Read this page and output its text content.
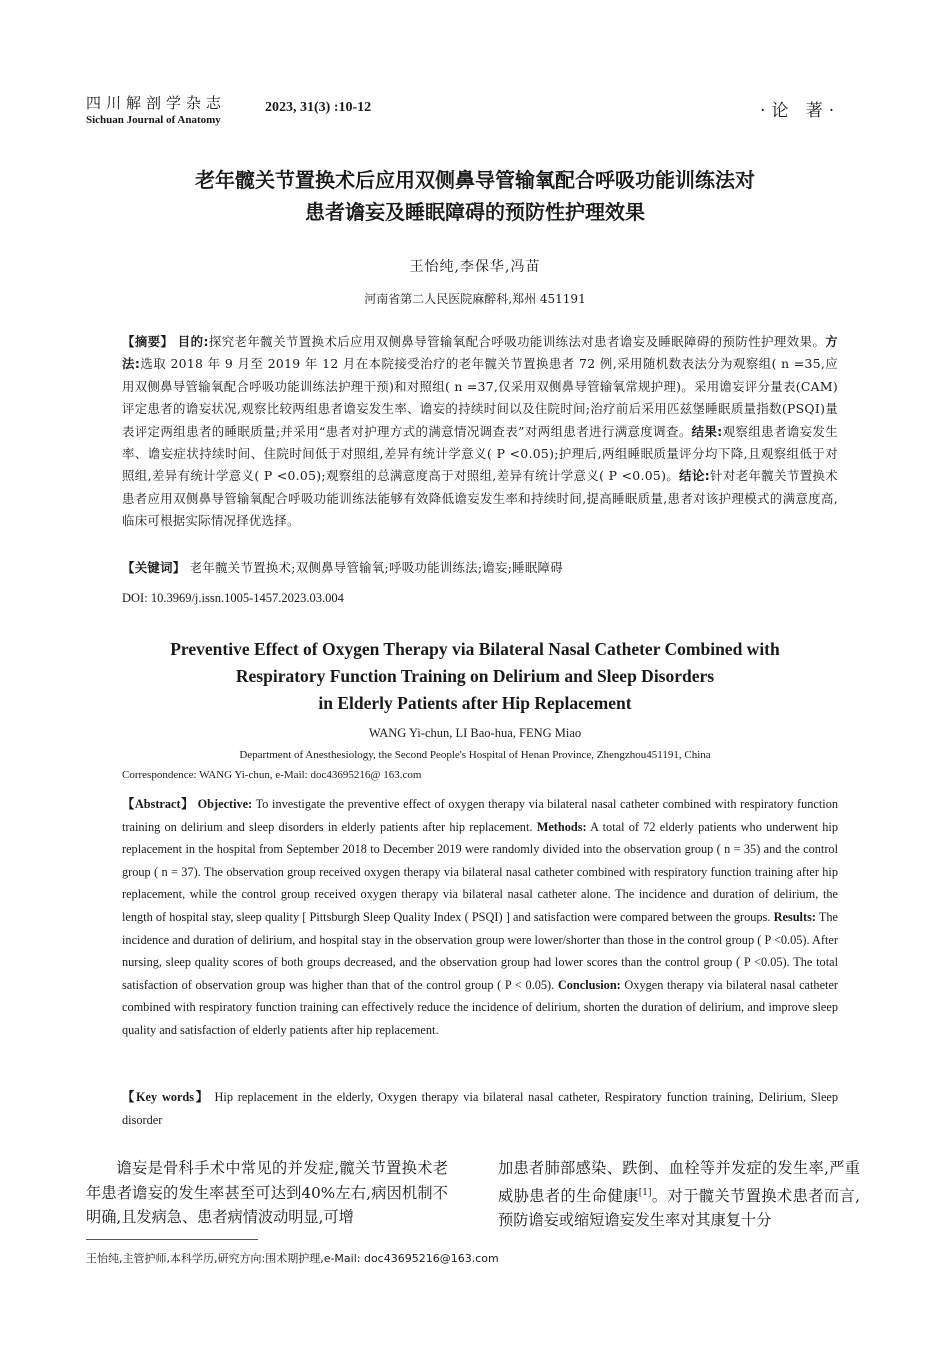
四川解剖学杂志
Sichuan Journal of Anatomy
2023, 31(3) :10-12	·论 著·
老年髋关节置换术后应用双侧鼻导管输氧配合呼吸功能训练法对
患者谵妄及睡眠障碍的预防性护理效果
王怡纯,李保华,冯苗
河南省第二人民医院麻醉科,郑州 451191
【摘要】 目的:探究老年髋关节置换术后应用双侧鼻导管输氧配合呼吸功能训练法对患者谵妄及睡眠障碍的预防性护理效果。方法:选取 2018 年 9 月至 2019 年 12 月在本院接受治疗的老年髋关节置换患者 72 例,采用随机数表法分为观察组( n =35,应用双侧鼻导管输氧配合呼吸功能训练法护理干预)和对照组( n =37,仅采用双侧鼻导管输氧常规护理)。采用谵妄评分量表(CAM)评定患者的谵妄状况,观察比较两组患者谵妄发生率、谵妄的持续时间以及住院时间;治疗前后采用匹兹堡睡眠质量指数(PSQI)量表评定两组患者的睡眠质量;并采用“患者对护理方式的满意情况调查表”对两组患者进行满意度调查。结果:观察组患者谵妄发生率、谵妄症状持续时间、住院时间低于对照组,差异有统计学意义( P <0.05);护理后,两组睡眠质量评分均下降,且观察组低于对照组,差异有统计学意义( P <0.05);观察组的总满意度高于对照组,差异有统计学意义( P <0.05)。结论:针对老年髋关节置换术患者应用双侧鼻导管输氧配合呼吸功能训练法能够有效降低谵妄发生率和持续时间,提高睡眠质量,患者对该护理模式的满意度高,临床可根据实际情况择优选择。
【关键词】 老年髋关节置换术;双侧鼻导管输氧;呼吸功能训练法;谵妄;睡眠障碍
DOI: 10.3969/j.issn.1005-1457.2023.03.004
Preventive Effect of Oxygen Therapy via Bilateral Nasal Catheter Combined with
Respiratory Function Training on Delirium and Sleep Disorders
in Elderly Patients after Hip Replacement
WANG Yi-chun, LI Bao-hua, FENG Miao
Department of Anesthesiology, the Second People's Hospital of Henan Province, Zhengzhou451191, China
Correspondence: WANG Yi-chun, e-Mail: doc43695216@ 163.com
【Abstract】 Objective: To investigate the preventive effect of oxygen therapy via bilateral nasal catheter combined with respiratory function training on delirium and sleep disorders in elderly patients after hip replacement. Methods: A total of 72 elderly patients who underwent hip replacement in the hospital from September 2018 to December 2019 were randomly divided into the observation group ( n = 35) and the control group ( n = 37). The observation group received oxygen therapy via bilateral nasal catheter combined with respiratory function training after hip replacement, while the control group received oxygen therapy via bilateral nasal catheter alone. The incidence and duration of delirium, the length of hospital stay, sleep quality [ Pittsburgh Sleep Quality Index ( PSQI) ] and satisfaction were compared between the groups. Results: The incidence and duration of delirium, and hospital stay in the observation group were lower/shorter than those in the control group ( P <0.05). After nursing, sleep quality scores of both groups decreased, and the observation group had lower scores than the control group ( P <0.05). The total satisfaction of observation group was higher than that of the control group ( P < 0.05). Conclusion: Oxygen therapy via bilateral nasal catheter combined with respiratory function training can effectively reduce the incidence of delirium, shorten the duration of delirium, and improve sleep quality and satisfaction of elderly patients after hip replacement.
【Key words】 Hip replacement in the elderly, Oxygen therapy via bilateral nasal catheter, Respiratory function training, Delirium, Sleep disorder
谵妄是骨科手术中常见的并发症,髋关节置换术老年患者谵妄的发生率甚至可达到40%左右,病因机制不明确,且发病急、患者病情波动明显,可增
加患者肺部感染、跌倒、血栓等并发症的发生率,严重威胁患者的生命健康[1]。对于髋关节置换术患者而言,预防谵妄或缩短谵妄发生率对其康复十分
王怡纯,主管护师,本科学历,研究方向:围术期护理,e-Mail: doc43695216@163.com
